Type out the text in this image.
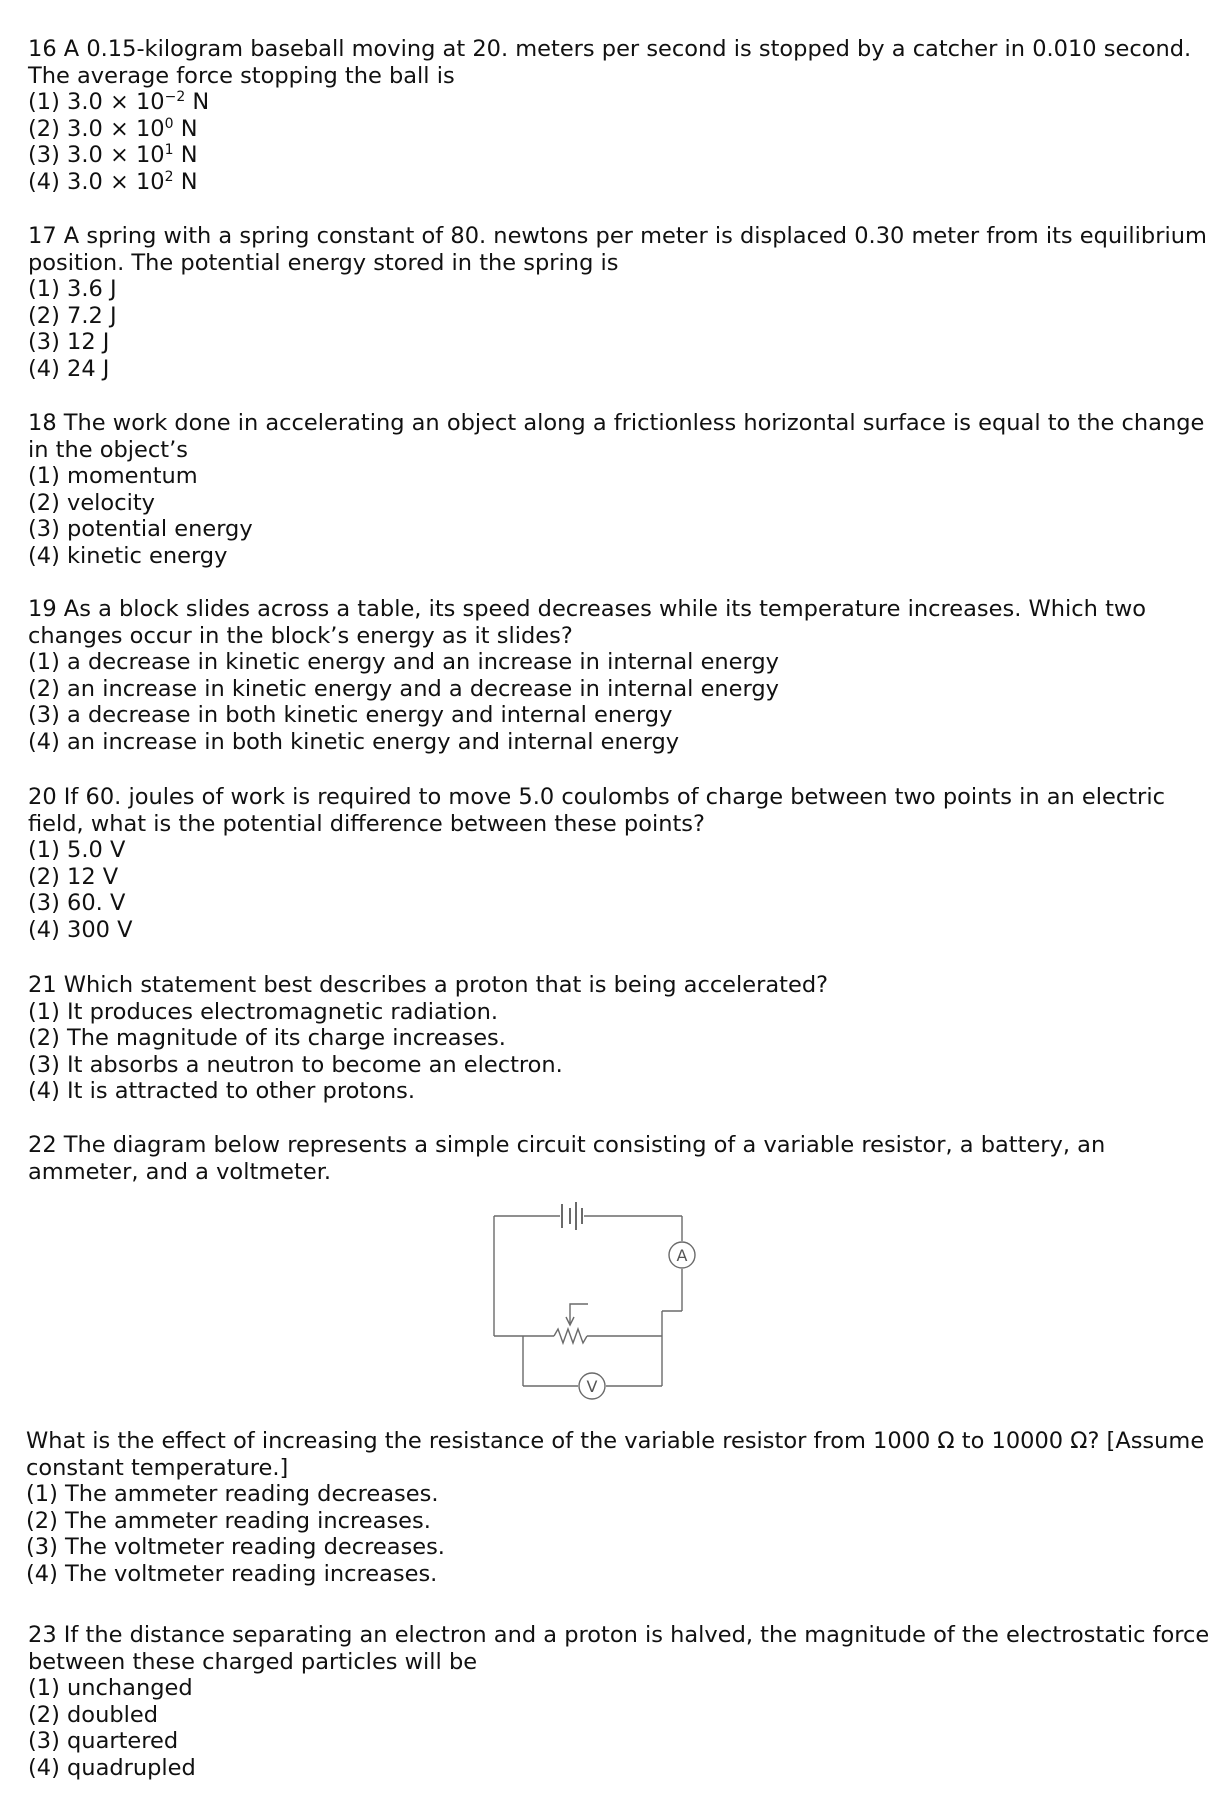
16 A 0.15-kilogram baseball moving at 20. meters per second is stopped by a catcher in 0.010 second. The average force stopping the ball is

(1) $3.0 \times 10^{-2}$ N

(2) $3.0 \times 10^0$ N

(3) $3.0 \times 10^1$ N

(4) $3.0 \times 10^2$ N

17 A spring with a spring constant of 80. newtons per meter is displaced 0.30 meter from its equilibrium position. The potential energy stored in the spring is

(1) 3.6 J

(2) 7.2 J

(3) 12 J

(4) 24 J

18 The work done in accelerating an object along a frictionless horizontal surface is equal to the change in the object’s

(1) momentum

(2) velocity

(3) potential energy

(4) kinetic energy

19 As a block slides across a table, its speed decreases while its temperature increases. Which two changes occur in the block’s energy as it slides?

(1) a decrease in kinetic energy and an increase in internal energy

(2) an increase in kinetic energy and a decrease in internal energy

(3) a decrease in both kinetic energy and internal energy

(4) an increase in both kinetic energy and internal energy

20 If 60. joules of work is required to move 5.0 coulombs of charge between two points in an electric field, what is the potential difference between these points?

(1) 5.0 V

(2) 12 V

(3) 60. V

(4) 300 V

21 Which statement best describes a proton that is being accelerated?

(1) It produces electromagnetic radiation.

(2) The magnitude of its charge increases.

(3) It absorbs a neutron to become an electron.

(4) It is attracted to other protons.

22 The diagram below represents a simple circuit consisting of a variable resistor, a battery, an ammeter, and a voltmeter.

A
V

What is the effect of increasing the resistance of the variable resistor from 1000 Ω to 10000 Ω? [Assume constant temperature.]

(1) The ammeter reading decreases.

(2) The ammeter reading increases.

(3) The voltmeter reading decreases.

(4) The voltmeter reading increases.

23 If the distance separating an electron and a proton is halved, the magnitude of the electrostatic force between these charged particles will be

(1) unchanged

(2) doubled

(3) quartered

(4) quadrupled
